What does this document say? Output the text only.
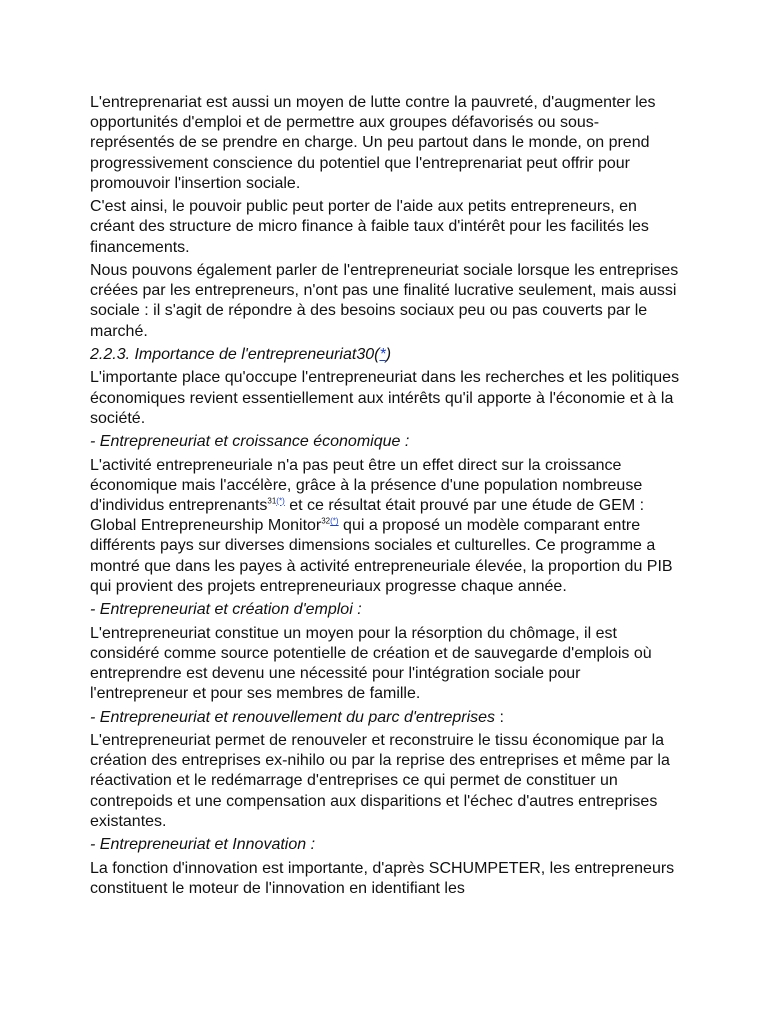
L'entreprenariat est aussi un moyen de lutte contre la pauvreté, d'augmenter les opportunités d'emploi et de permettre aux groupes défavorisés ou sous-représentés de se prendre en charge. Un peu partout dans le monde, on prend progressivement conscience du potentiel que l'entreprenariat peut offrir pour promouvoir l'insertion sociale.

C'est ainsi, le pouvoir public peut porter de l'aide aux petits entrepreneurs, en créant des structure de micro finance à faible taux d'intérêt pour les facilités les financements.

Nous pouvons également parler de l'entrepreneuriat sociale lorsque les entreprises créées par les entrepreneurs, n'ont pas une finalité lucrative seulement, mais aussi sociale : il s'agit de répondre à des besoins sociaux peu ou pas couverts par le marché.

2.2.3. Importance de l'entrepreneuriat30(*)

L'importante place qu'occupe l'entrepreneuriat dans les recherches et les politiques économiques revient essentiellement aux intérêts qu'il apporte à l'économie et à la société.

- Entrepreneuriat et croissance économique :

L'activité entrepreneuriale n'a pas peut être un effet direct sur la croissance économique mais l'accélère, grâce à la présence d'une population nombreuse d'individus entreprenants$^{31(*)}$ et ce résultat était prouvé par une étude de GEM : Global Entrepreneurship Monitor$^{32(*)}$ qui a proposé un modèle comparant entre différents pays sur diverses dimensions sociales et culturelles. Ce programme a montré que dans les payes à activité entrepreneuriale élevée, la proportion du PIB qui provient des projets entrepreneuriaux progresse chaque année.

- Entrepreneuriat et création d'emploi :

L'entrepreneuriat constitue un moyen pour la résorption du chômage, il est considéré comme source potentielle de création et de sauvegarde d'emplois où entreprendre est devenu une nécessité pour l'intégration sociale pour l'entrepreneur et pour ses membres de famille.

- Entrepreneuriat et renouvellement du parc d'entreprises :

L'entrepreneuriat permet de renouveler et reconstruire le tissu économique par la création des entreprises ex-nihilo ou par la reprise des entreprises et même par la réactivation et le redémarrage d'entreprises ce qui permet de constituer un contrepoids et une compensation aux disparitions et l'échec d'autres entreprises existantes.

- Entrepreneuriat et Innovation :

La fonction d'innovation est importante, d'après SCHUMPETER, les entrepreneurs constituent le moteur de l'innovation en identifiant les
